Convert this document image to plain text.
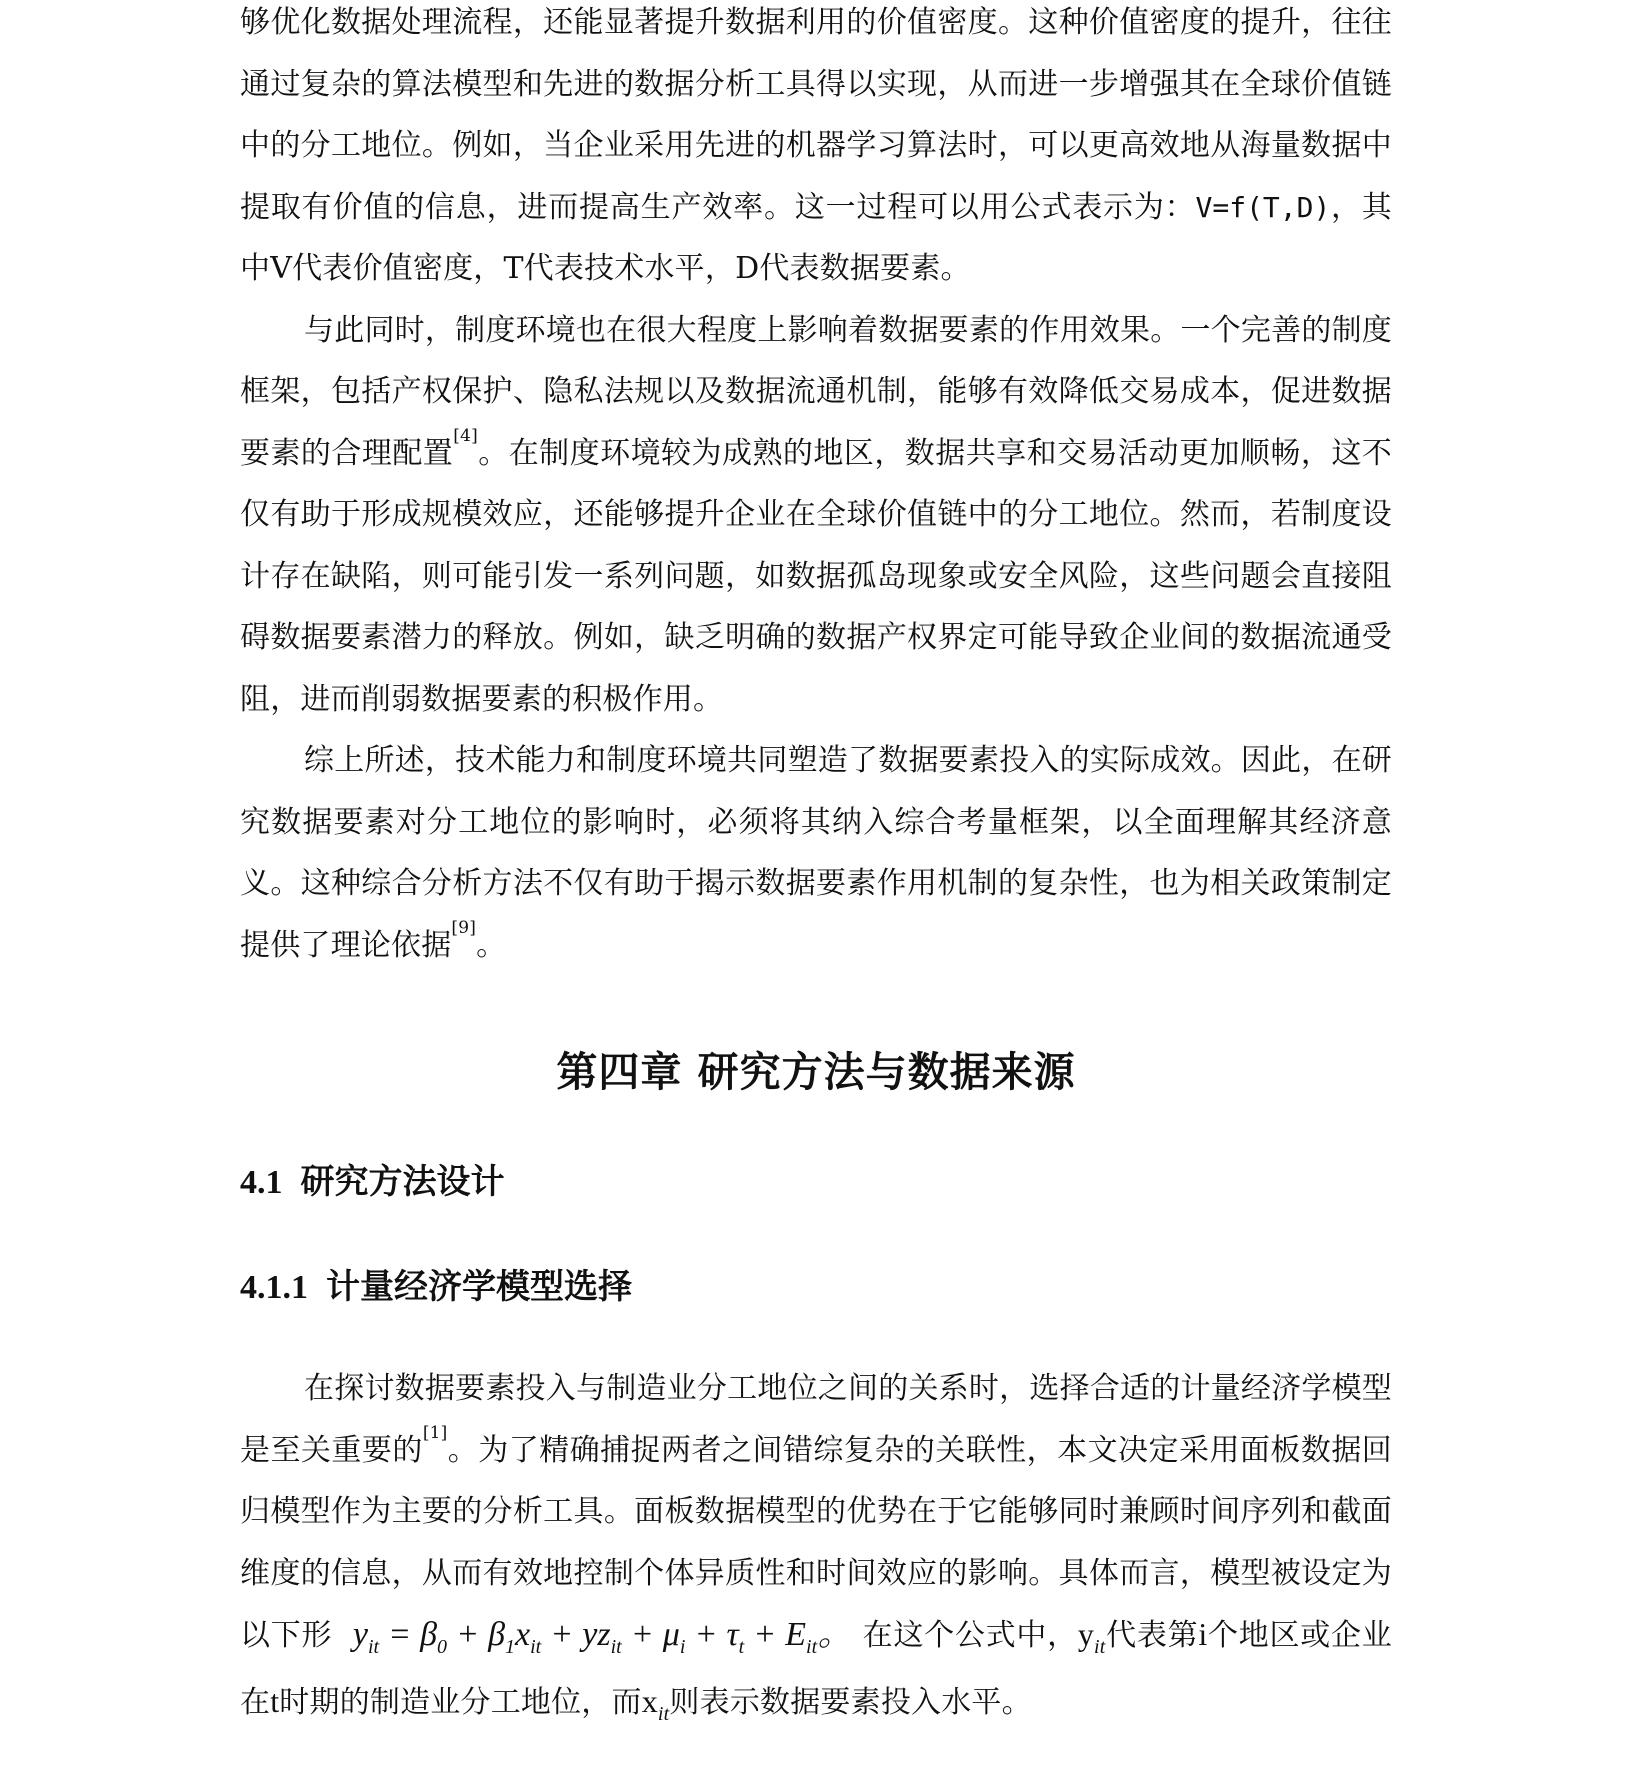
够优化数据处理流程，还能显著提升数据利用的价值密度。这种价值密度的提升，往往通过复杂的算法模型和先进的数据分析工具得以实现，从而进一步增强其在全球价值链中的分工地位。例如，当企业采用先进的机器学习算法时，可以更高效地从海量数据中提取有价值的信息，进而提高生产效率。这一过程可以用公式表示为：V=f(T,D)，其中V代表价值密度，T代表技术水平，D代表数据要素。

与此同时，制度环境也在很大程度上影响着数据要素的作用效果。一个完善的制度框架，包括产权保护、隐私法规以及数据流通机制，能够有效降低交易成本，促进数据要素的合理配置[4]。在制度环境较为成熟的地区，数据共享和交易活动更加顺畅，这不仅有助于形成规模效应，还能够提升企业在全球价值链中的分工地位。然而，若制度设计存在缺陷，则可能引发一系列问题，如数据孤岛现象或安全风险，这些问题会直接阻碍数据要素潜力的释放。例如，缺乏明确的数据产权界定可能导致企业间的数据流通受阻，进而削弱数据要素的积极作用。

综上所述，技术能力和制度环境共同塑造了数据要素投入的实际成效。因此，在研究数据要素对分工地位的影响时，必须将其纳入综合考量框架，以全面理解其经济意义。这种综合分析方法不仅有助于揭示数据要素作用机制的复杂性，也为相关政策制定提供了理论依据[9]。

第四章 研究方法与数据来源
4.1 研究方法设计
4.1.1 计量经济学模型选择

在探讨数据要素投入与制造业分工地位之间的关系时，选择合适的计量经济学模型是至关重要的[1]。为了精确捕捉两者之间错综复杂的关联性，本文决定采用面板数据回归模型作为主要的分析工具。面板数据模型的优势在于它能够同时兼顾时间序列和截面维度的信息，从而有效地控制个体异质性和时间效应的影响。具体而言，模型被设定为以下形 $y_{it} = \beta_0 + \beta_1x_{it} + yz_{it} + \mu_i + \tau_t + E_{it}$。 在这个公式中，$y_{it}$代表第i个地区或企业在t时期的制造业分工地位，而$x_{it}$则表示数据要素投入水平。
